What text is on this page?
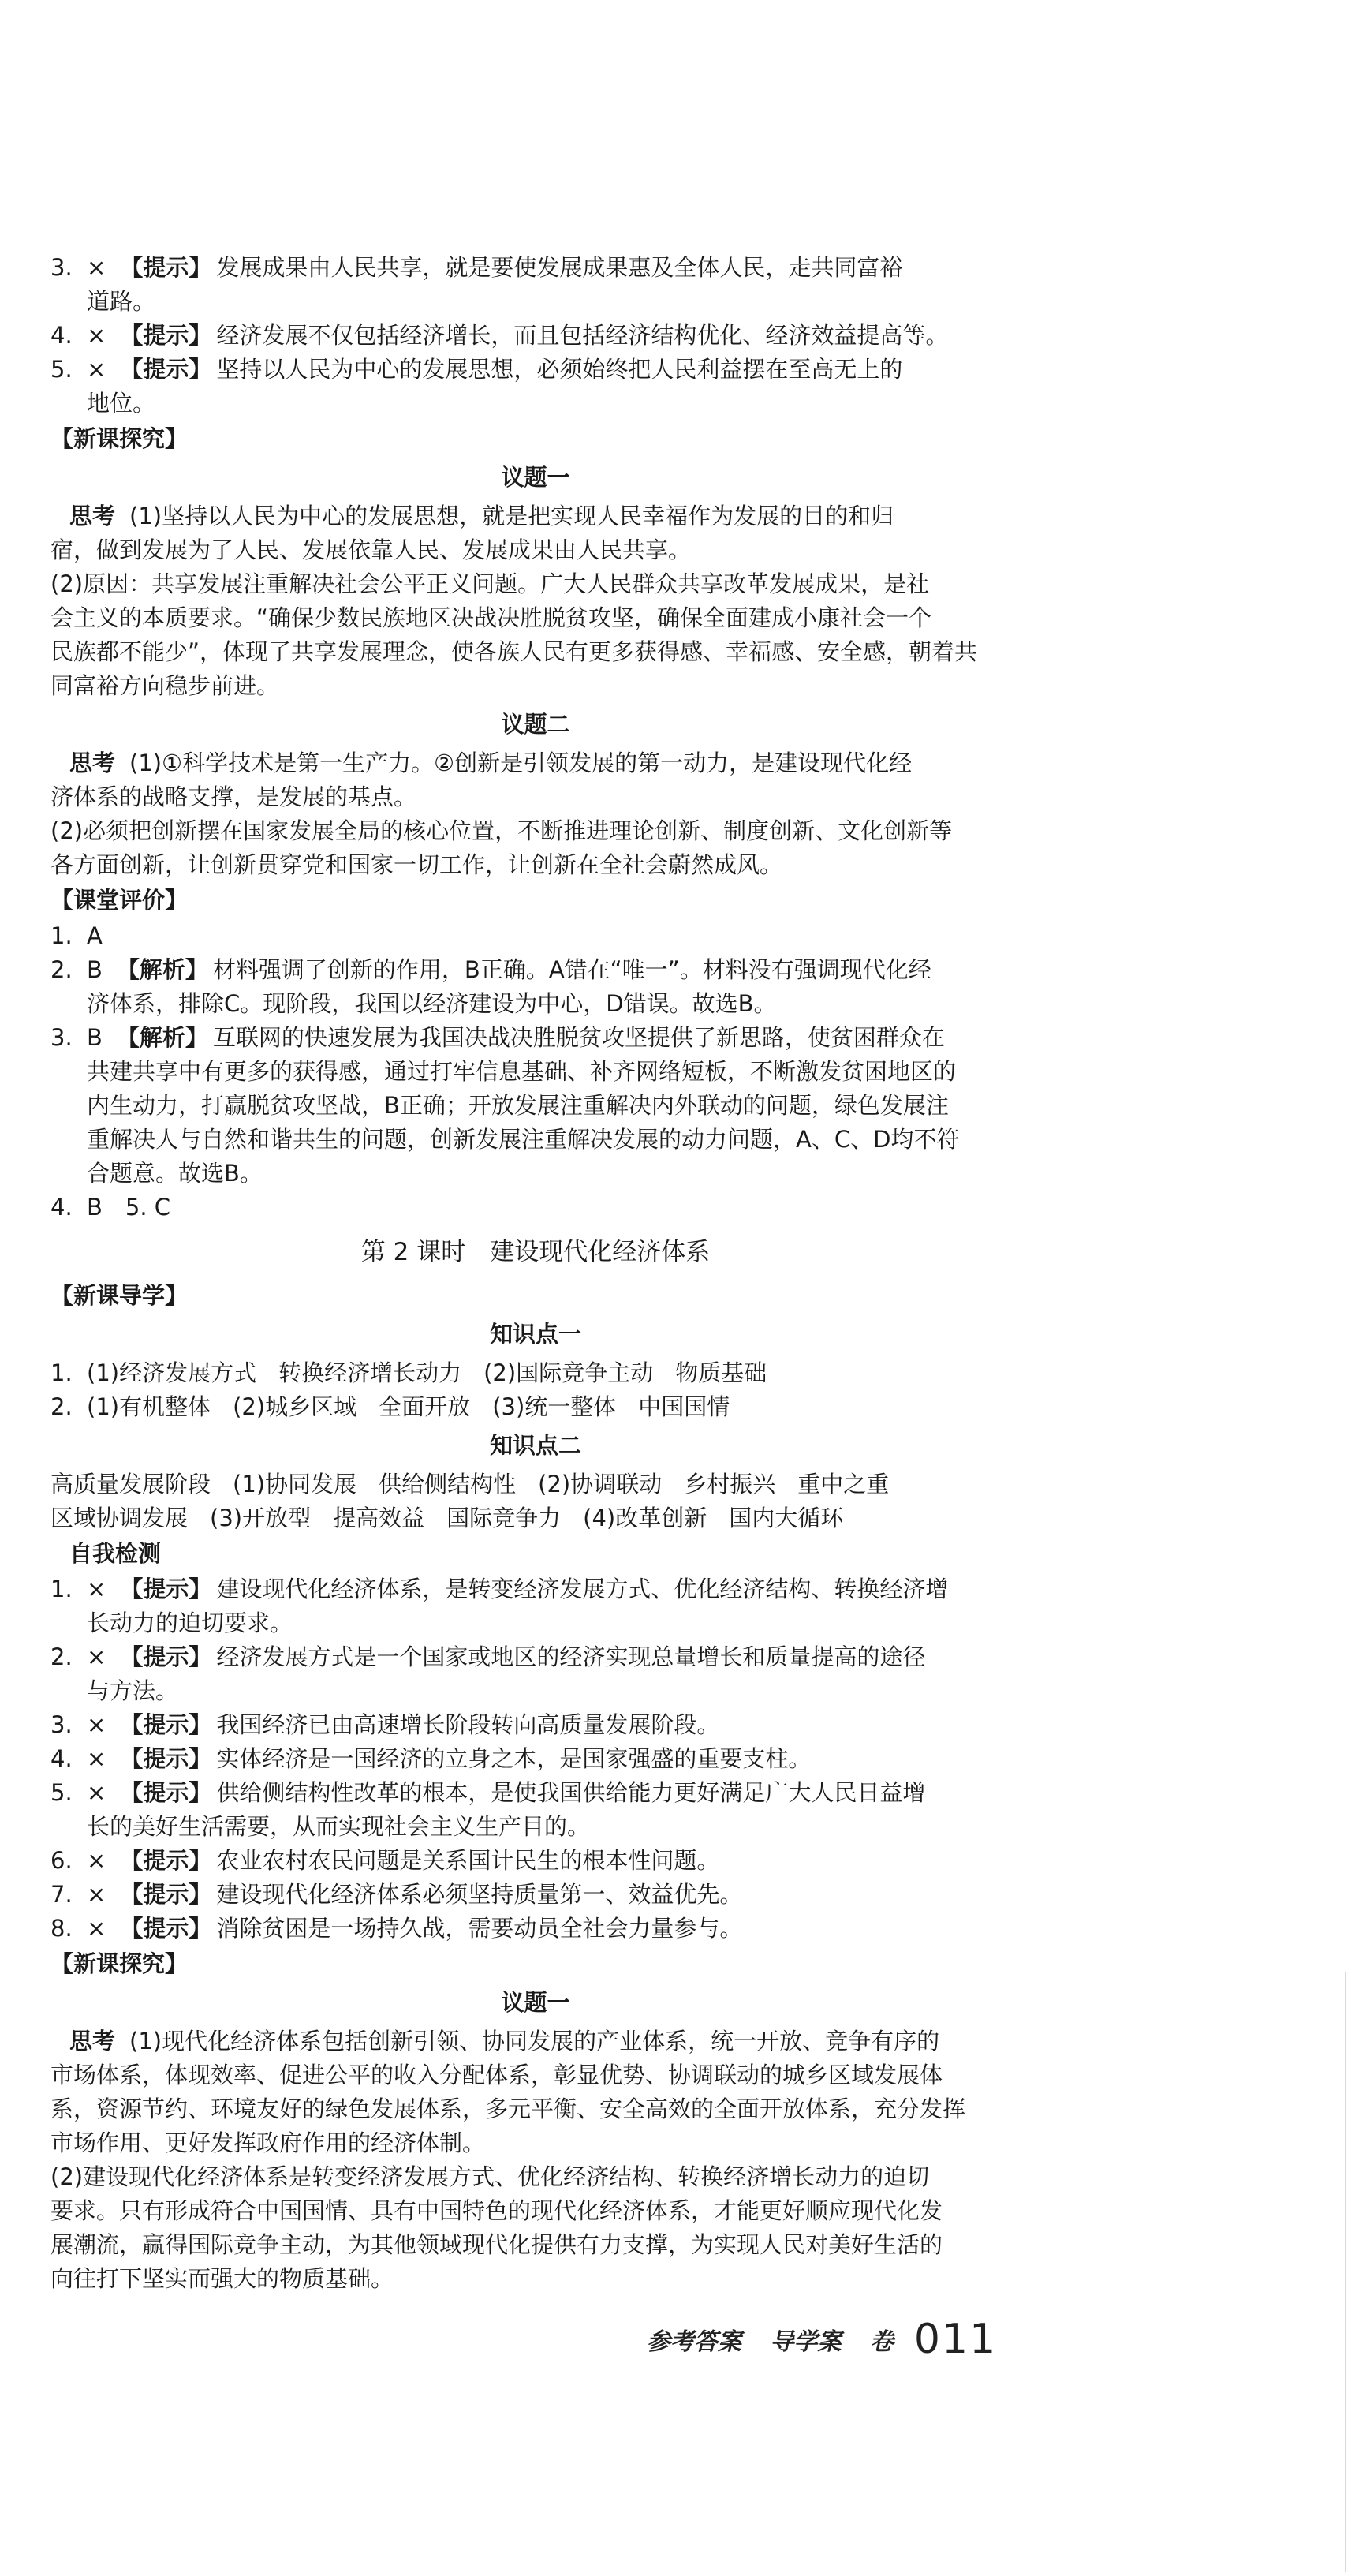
3. × 【提示】 发展成果由人民共享，就是要使发展成果惠及全体人民，走共同富裕
道路。
4. × 【提示】 经济发展不仅包括经济增长，而且包括经济结构优化、经济效益提高等。
5. × 【提示】 坚持以人民为中心的发展思想，必须始终把人民利益摆在至高无上的
地位。
【新课探究】
议题一
思考 (1)坚持以人民为中心的发展思想，就是把实现人民幸福作为发展的目的和归
宿，做到发展为了人民、发展依靠人民、发展成果由人民共享。
(2)原因：共享发展注重解决社会公平正义问题。广大人民群众共享改革发展成果，是社
会主义的本质要求。“确保少数民族地区决战决胜脱贫攻坚，确保全面建成小康社会一个
民族都不能少”，体现了共享发展理念，使各族人民有更多获得感、幸福感、安全感，朝着共
同富裕方向稳步前进。
议题二
思考 (1)①科学技术是第一生产力。②创新是引领发展的第一动力，是建设现代化经
济体系的战略支撑，是发展的基点。
(2)必须把创新摆在国家发展全局的核心位置，不断推进理论创新、制度创新、文化创新等
各方面创新，让创新贯穿党和国家一切工作，让创新在全社会蔚然成风。
【课堂评价】
1. A
2. B 【解析】 材料强调了创新的作用，B正确。A错在“唯一”。材料没有强调现代化经
济体系，排除C。现阶段，我国以经济建设为中心，D错误。故选B。
3. B 【解析】 互联网的快速发展为我国决战决胜脱贫攻坚提供了新思路，使贫困群众在
共建共享中有更多的获得感，通过打牢信息基础、补齐网络短板，不断激发贫困地区的
内生动力，打赢脱贫攻坚战，B正确；开放发展注重解决内外联动的问题，绿色发展注
重解决人与自然和谐共生的问题，创新发展注重解决发展的动力问题，A、C、D均不符
合题意。故选B。
4. B　5. C
第 2 课时　建设现代化经济体系
【新课导学】
知识点一
1. (1)经济发展方式 转换经济增长动力 (2)国际竞争主动 物质基础
2. (1)有机整体 (2)城乡区域 全面开放 (3)统一整体 中国国情
知识点二
高质量发展阶段 (1)协同发展 供给侧结构性 (2)协调联动 乡村振兴 重中之重
区域协调发展 (3)开放型 提高效益 国际竞争力 (4)改革创新 国内大循环
自我检测
1. × 【提示】 建设现代化经济体系，是转变经济发展方式、优化经济结构、转换经济增
长动力的迫切要求。
2. × 【提示】 经济发展方式是一个国家或地区的经济实现总量增长和质量提高的途径
与方法。
3. × 【提示】 我国经济已由高速增长阶段转向高质量发展阶段。
4. × 【提示】 实体经济是一国经济的立身之本，是国家强盛的重要支柱。
5. × 【提示】 供给侧结构性改革的根本，是使我国供给能力更好满足广大人民日益增
长的美好生活需要，从而实现社会主义生产目的。
6. × 【提示】 农业农村农民问题是关系国计民生的根本性问题。
7. × 【提示】 建设现代化经济体系必须坚持质量第一、效益优先。
8. × 【提示】 消除贫困是一场持久战，需要动员全社会力量参与。
【新课探究】
议题一
思考 (1)现代化经济体系包括创新引领、协同发展的产业体系，统一开放、竞争有序的
市场体系，体现效率、促进公平的收入分配体系，彰显优势、协调联动的城乡区域发展体
系，资源节约、环境友好的绿色发展体系，多元平衡、安全高效的全面开放体系，充分发挥
市场作用、更好发挥政府作用的经济体制。
(2)建设现代化经济体系是转变经济发展方式、优化经济结构、转换经济增长动力的迫切
要求。只有形成符合中国国情、具有中国特色的现代化经济体系，才能更好顺应现代化发
展潮流，赢得国际竞争主动，为其他领域现代化提供有力支撑，为实现人民对美好生活的
向往打下坚实而强大的物质基础。
参考答案 导学案 卷 011
